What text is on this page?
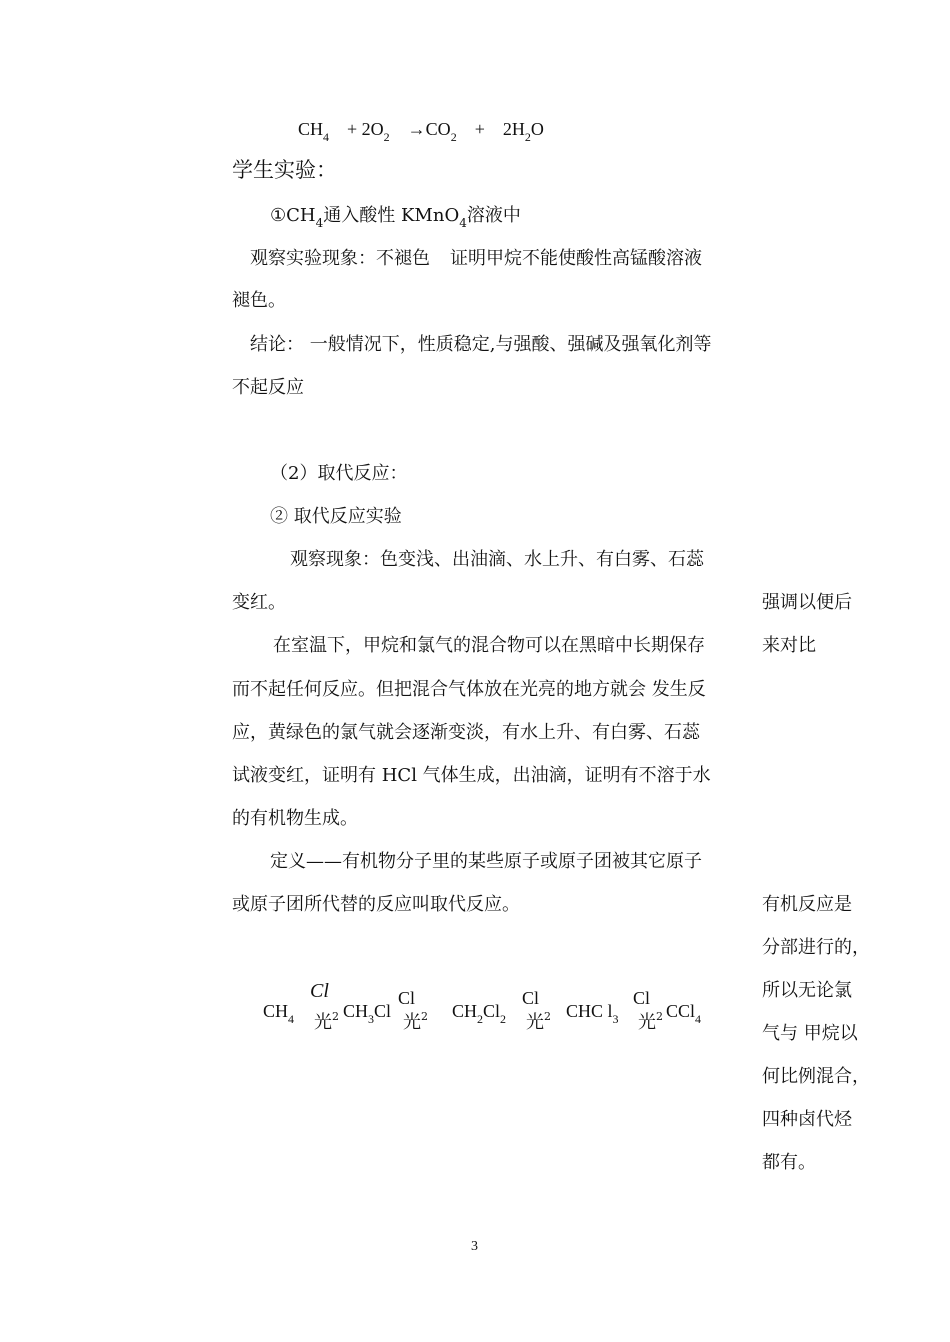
$CH_4 + 2O_2 \to CO_2 + 2H_2O$
学生实验：
$①CH_4$通入酸性 KMnO$_4$溶液中
观察实验现象：不褪色 证明甲烷不能使酸性高锰酸溶液
褪色。
结论： 一般情况下，性质稳定,与强酸、强碱及强氧化剂等
不起反应
（2）取代反应：
② 取代反应实验
观察现象：色变浅、出油滴、水上升、有白雾、石蕊
变红。
在室温下，甲烷和氯气的混合物可以在黑暗中长期保存
而不起任何反应。但把混合气体放在光亮的地方就会 发生反
应，黄绿色的氯气就会逐渐变淡，有水上升、有白雾、石蕊
试液变红，证明有 HCl 气体生成，出油滴，证明有不溶于水
的有机物生成。
定义——有机物分子里的某些原子或原子团被其它原子
或原子团所代替的反应叫取代反应。
强调以便后
来对比
有机反应是
分部进行的，
所以无论氯
气与 甲烷以
何比例混合，
四种卤代烃
都有。
$CH_4$
Cl
光$^2$ $CH_3Cl$
Cl
光$^2$ $CH_2Cl_2$
Cl
光$^2$ CHC $l_3$
Cl
光$^2$ CCl$_4$
3
